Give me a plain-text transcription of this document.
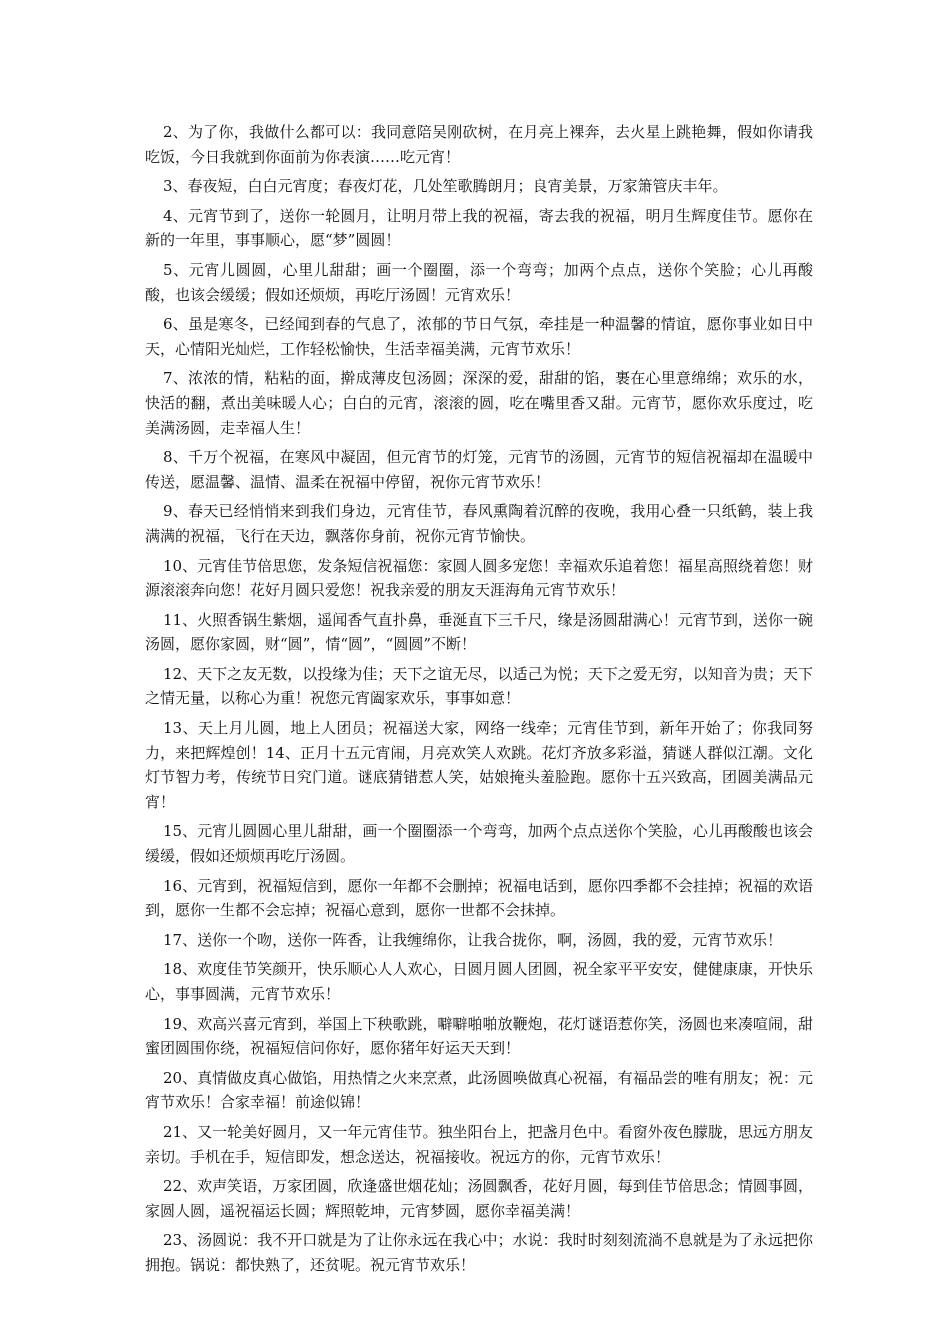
2、为了你，我做什么都可以：我同意陪吴刚砍树，在月亮上裸奔，去火星上跳艳舞，假如你请我吃饭，今日我就到你面前为你表演……吃元宵！

3、春夜短，白白元宵度；春夜灯花，几处笙歌腾朗月；良宵美景，万家箫管庆丰年。

4、元宵节到了，送你一轮圆月，让明月带上我的祝福，寄去我的祝福，明月生辉度佳节。愿你在新的一年里，事事顺心，愿“梦”圆圆！

5、元宵儿圆圆，心里儿甜甜；画一个圈圈，添一个弯弯；加两个点点，送你个笑脸；心儿再酸酸，也该会缓缓；假如还烦烦，再吃厅汤圆！元宵欢乐！

6、虽是寒冬，已经闻到春的气息了，浓郁的节日气氛，牵挂是一种温馨的情谊，愿你事业如日中天，心情阳光灿烂，工作轻松愉快，生活幸福美满，元宵节欢乐！

7、浓浓的情，粘粘的面，擀成薄皮包汤圆；深深的爱，甜甜的馅，裹在心里意绵绵；欢乐的水，快活的翻，煮出美味暖人心；白白的元宵，滚滚的圆，吃在嘴里香又甜。元宵节，愿你欢乐度过，吃美满汤圆，走幸福人生！

8、千万个祝福，在寒风中凝固，但元宵节的灯笼，元宵节的汤圆，元宵节的短信祝福却在温暖中传送，愿温馨、温情、温柔在祝福中停留，祝你元宵节欢乐！

9、春天已经悄悄来到我们身边，元宵佳节，春风熏陶着沉醉的夜晚，我用心叠一只纸鹤，装上我满满的祝福，飞行在天边，飘落你身前，祝你元宵节愉快。

10、元宵佳节倍思您，发条短信祝福您：家圆人圆多宠您！幸福欢乐追着您！福星高照绕着您！财源滚滚奔向您！花好月圆只爱您！祝我亲爱的朋友天涯海角元宵节欢乐！

11、火照香锅生紫烟，遥闻香气直扑鼻，垂涎直下三千尺，缘是汤圆甜满心！元宵节到，送你一碗汤圆，愿你家圆，财“圆”，情“圆”，“圆圆”不断！

12、天下之友无数，以投缘为佳；天下之谊无尽，以适己为悦；天下之爱无穷，以知音为贵；天下之情无量，以称心为重！祝您元宵阖家欢乐，事事如意！

13、天上月儿圆，地上人团员；祝福送大家，网络一线牵；元宵佳节到，新年开始了；你我同努力，来把辉煌创！14、正月十五元宵闹，月亮欢笑人欢跳。花灯齐放多彩溢，猜谜人群似江潮。文化灯节智力考，传统节日究门道。谜底猜错惹人笑，姑娘掩头羞脸跑。愿你十五兴致高，团圆美满品元宵！

15、元宵儿圆圆心里儿甜甜，画一个圈圈添一个弯弯，加两个点点送你个笑脸，心儿再酸酸也该会缓缓，假如还烦烦再吃厅汤圆。

16、元宵到，祝福短信到，愿你一年都不会删掉；祝福电话到，愿你四季都不会挂掉；祝福的欢语到，愿你一生都不会忘掉；祝福心意到，愿你一世都不会抹掉。

17、送你一个吻，送你一阵香，让我缠绵你，让我合拢你，啊，汤圆，我的爱，元宵节欢乐！

18、欢度佳节笑颜开，快乐顺心人人欢心，日圆月圆人团圆，祝全家平平安安，健健康康，开快乐心，事事圆满，元宵节欢乐！

19、欢高兴喜元宵到，举国上下秧歌跳，噼噼啪啪放鞭炮，花灯谜语惹你笑，汤圆也来凑喧闹，甜蜜团圆围你绕，祝福短信问你好，愿你猪年好运天天到！

20、真情做皮真心做馅，用热情之火来烹煮，此汤圆唤做真心祝福，有福品尝的唯有朋友；祝：元宵节欢乐！合家幸福！前途似锦！

21、又一轮美好圆月，又一年元宵佳节。独坐阳台上，把盏月色中。看窗外夜色朦胧，思远方朋友亲切。手机在手，短信即发，想念送达，祝福接收。祝远方的你，元宵节欢乐！

22、欢声笑语，万家团圆，欣逢盛世烟花灿；汤圆飘香，花好月圆，每到佳节倍思念；情圆事圆，家圆人圆，遥祝福运长圆；辉照乾坤，元宵梦圆，愿你幸福美满！

23、汤圆说：我不开口就是为了让你永远在我心中；水说：我时时刻刻流淌不息就是为了永远把你拥抱。锅说：都快熟了，还贫呢。祝元宵节欢乐！
